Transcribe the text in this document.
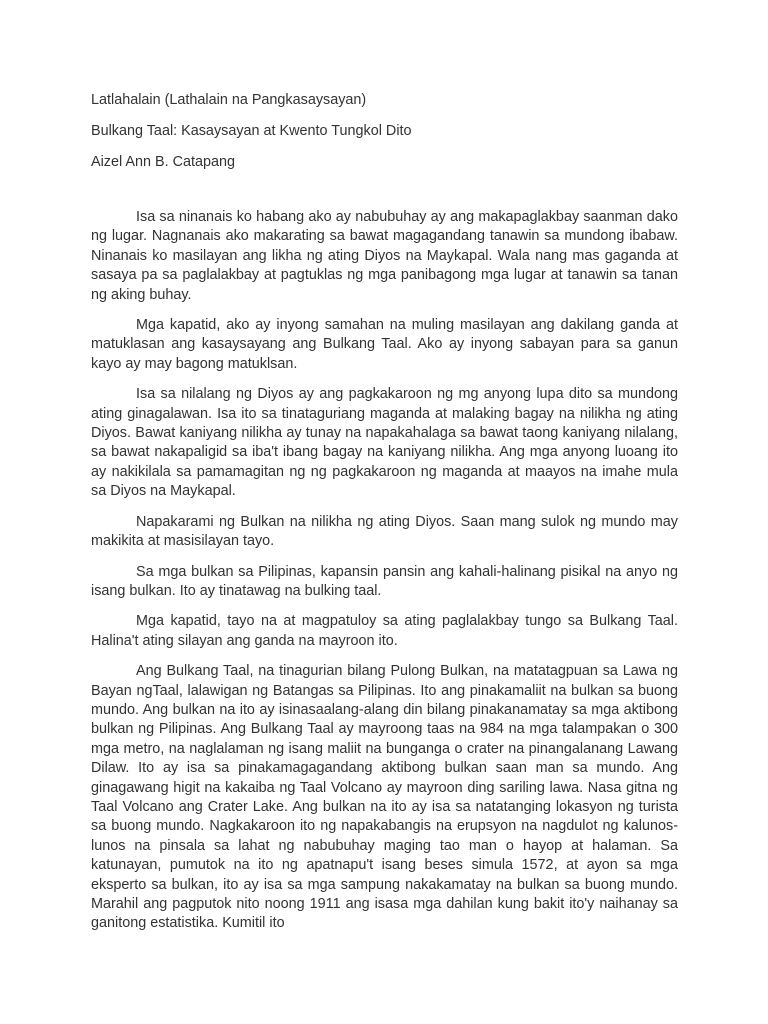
Latlahalain (Lathalain na Pangkasaysayan)

Bulkang Taal: Kasaysayan at Kwento Tungkol Dito

Aizel Ann B. Catapang

Isa sa ninanais ko habang ako ay nabubuhay ay ang makapaglakbay saanman dako ng lugar. Nagnanais ako makarating sa bawat magagandang tanawin sa mundong ibabaw. Ninanais ko masilayan ang likha ng ating Diyos na Maykapal. Wala nang mas gaganda at sasaya pa sa paglalakbay at pagtuklas ng mga panibagong mga lugar at tanawin sa tanan ng aking buhay.

Mga kapatid, ako ay inyong samahan na muling masilayan ang dakilang ganda at matuklasan ang kasaysayang ang Bulkang Taal. Ako ay inyong sabayan para sa ganun kayo ay may bagong matuklsan.

Isa sa nilalang ng Diyos ay ang pagkakaroon ng mg anyong lupa dito sa mundong ating ginagalawan. Isa ito sa tinataguriang maganda at malaking bagay na nilikha ng ating Diyos. Bawat kaniyang nilikha ay tunay na napakahalaga sa bawat taong kaniyang nilalang, sa bawat nakapaligid sa iba't ibang bagay na kaniyang nilikha. Ang mga anyong luoang ito ay nakikilala sa pamamagitan ng ng pagkakaroon ng maganda at maayos na imahe mula sa Diyos na Maykapal.

Napakarami ng Bulkan na nilikha ng ating Diyos. Saan mang sulok ng mundo may makikita at masisilayan tayo.

Sa mga bulkan sa Pilipinas, kapansin pansin ang kahali-halinang pisikal na anyo ng isang bulkan. Ito ay tinatawag na bulking taal.

Mga kapatid, tayo na at magpatuloy sa ating paglalakbay tungo sa Bulkang Taal. Halina't ating silayan ang ganda na mayroon ito.

Ang Bulkang Taal, na tinagurian bilang Pulong Bulkan, na matatagpuan sa Lawa ng Bayan ngTaal, lalawigan ng Batangas sa Pilipinas. Ito ang pinakamaliit na bulkan sa buong mundo. Ang bulkan na ito ay isinasaalang-alang din bilang pinakanamatay sa mga aktibong bulkan ng Pilipinas. Ang Bulkang Taal ay mayroong taas na 984 na mga talampakan o 300 mga metro, na naglalaman ng isang maliit na bunganga o crater na pinangalanang Lawang Dilaw. Ito ay isa sa pinakamagagandang aktibong bulkan saan man sa mundo. Ang ginagawang higit na kakaiba ng Taal Volcano ay mayroon ding sariling lawa. Nasa gitna ng Taal Volcano ang Crater Lake. Ang bulkan na ito ay isa sa natatanging lokasyon ng turista sa buong mundo. Nagkakaroon ito ng napakabangis na erupsyon na nagdulot ng kalunos-lunos na pinsala sa lahat ng nabubuhay maging tao man o hayop at halaman. Sa katunayan, pumutok na ito ng apatnapu't isang beses simula 1572, at ayon sa mga eksperto sa bulkan, ito ay isa sa mga sampung nakakamatay na bulkan sa buong mundo. Marahil ang pagputok nito noong 1911 ang isasa mga dahilan kung bakit ito'y naihanay sa ganitong estatistika. Kumitil ito
